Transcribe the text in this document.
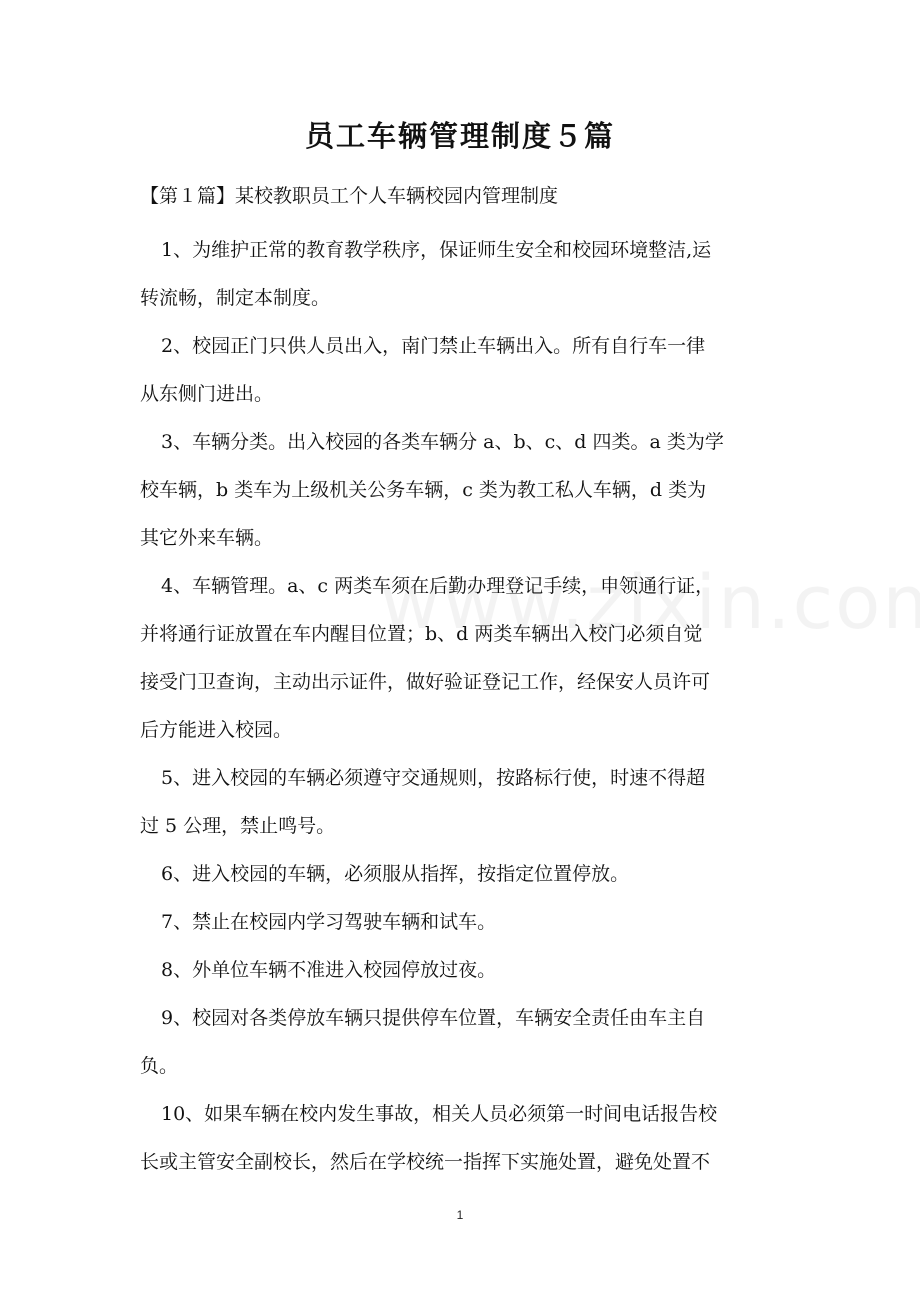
员工车辆管理制度５篇
【第１篇】某校教职员工个人车辆校园内管理制度
1、为维护正常的教育教学秩序，保证师生安全和校园环境整洁,运
转流畅，制定本制度。
2、校园正门只供人员出入，南门禁止车辆出入。所有自行车一律
从东侧门进出。
3、车辆分类。出入校园的各类车辆分 a、b、c、d 四类。a 类为学
校车辆，b 类车为上级机关公务车辆，c 类为教工私人车辆，d 类为
其它外来车辆。
4、车辆管理。a、c 两类车须在后勤办理登记手续，申领通行证，
并将通行证放置在车内醒目位置；b、d 两类车辆出入校门必须自觉
接受门卫查询，主动出示证件，做好验证登记工作，经保安人员许可
后方能进入校园。
5、进入校园的车辆必须遵守交通规则，按路标行使，时速不得超
过 5 公理，禁止鸣号。
6、进入校园的车辆，必须服从指挥，按指定位置停放。
7、禁止在校园内学习驾驶车辆和试车。
8、外单位车辆不准进入校园停放过夜。
9、校园对各类停放车辆只提供停车位置，车辆安全责任由车主自
负。
10、如果车辆在校内发生事故，相关人员必须第一时间电话报告校
长或主管安全副校长，然后在学校统一指挥下实施处置，避免处置不
1
